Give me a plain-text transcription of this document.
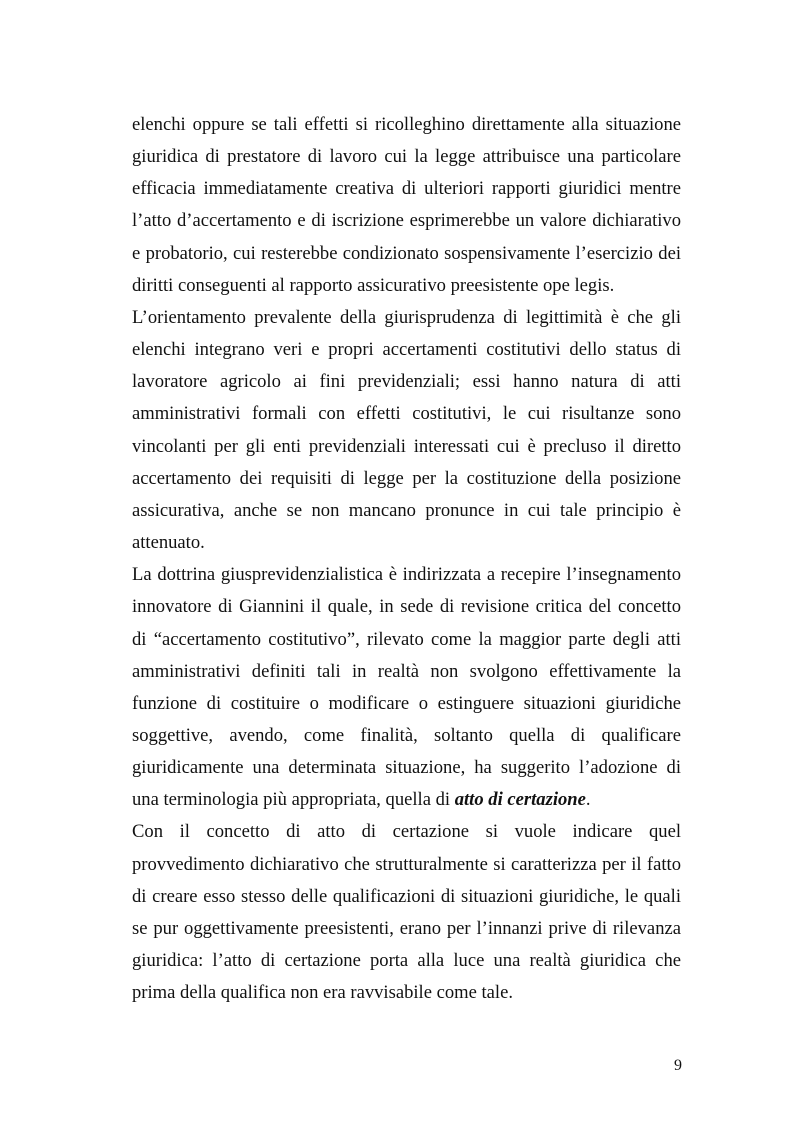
elenchi oppure se tali effetti si ricolleghino direttamente alla situazione
giuridica di prestatore di lavoro cui la legge attribuisce una particolare
efficacia immediatamente creativa di ulteriori rapporti giuridici mentre
l’atto d’accertamento e di iscrizione esprimerebbe un valore dichiarativo
e probatorio, cui resterebbe condizionato sospensivamente l’esercizio dei
diritti conseguenti al rapporto assicurativo preesistente ope legis.

L’orientamento prevalente della giurisprudenza di legittimità è che gli
elenchi integrano veri e propri accertamenti costitutivi dello status di
lavoratore agricolo ai fini previdenziali; essi hanno natura di atti
amministrativi formali con effetti costitutivi, le cui risultanze sono
vincolanti per gli enti previdenziali interessati cui è precluso il diretto
accertamento dei requisiti di legge per la costituzione della posizione
assicurativa, anche se non mancano pronunce in cui tale principio è
attenuato.

La dottrina giusprevidenzialistica è indirizzata a recepire l’insegnamento
innovatore di Giannini il quale, in sede di revisione critica del concetto
di “accertamento costitutivo”, rilevato come la maggior parte degli atti
amministrativi definiti tali in realtà non svolgono effettivamente la
funzione di costituire o modificare o estinguere situazioni giuridiche
soggettive, avendo, come finalità, soltanto quella di qualificare
giuridicamente una determinata situazione, ha suggerito l’adozione di
una terminologia più appropriata, quella di atto di certazione.

Con il concetto di atto di certazione si vuole indicare quel
provvedimento dichiarativo che strutturalmente si caratterizza per il fatto
di creare esso stesso delle qualificazioni di situazioni giuridiche, le quali
se pur oggettivamente preesistenti, erano per l’innanzi prive di rilevanza
giuridica: l’atto di certazione porta alla luce una realtà giuridica che
prima della qualifica non era ravvisabile come tale.

9
